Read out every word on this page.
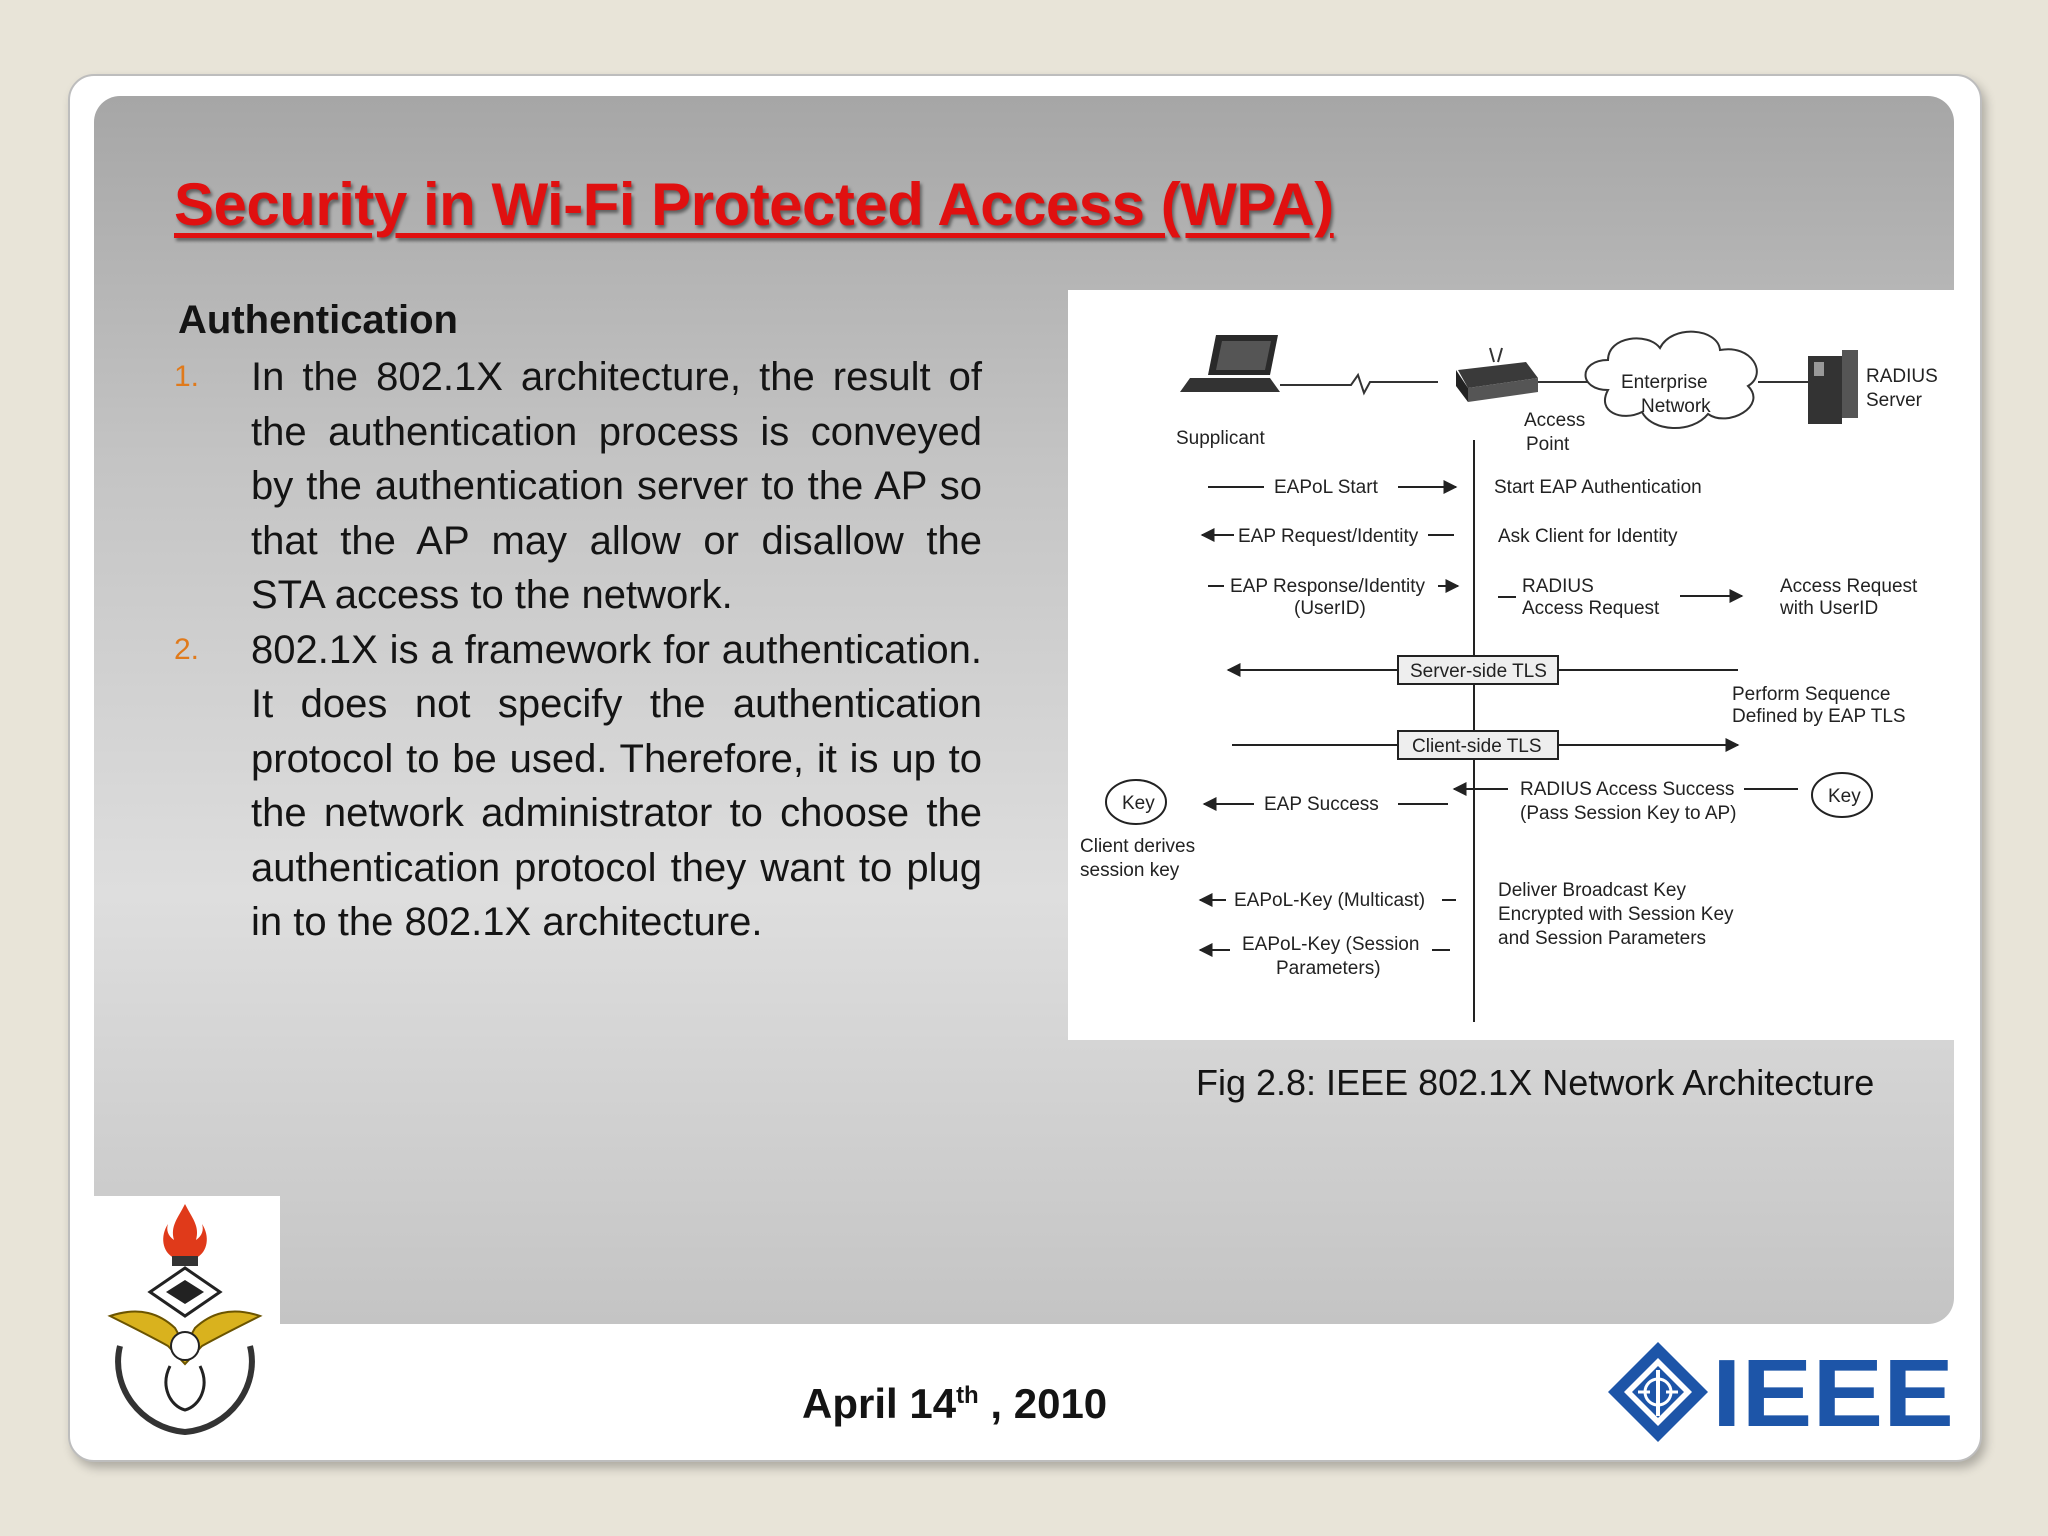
Security in Wi-Fi Protected Access (WPA)
Authentication
1. In the 802.1X architecture, the result of the authentication process is conveyed by the authentication server to the AP so that the AP may allow or disallow the STA access to the network.
2. 802.1X is a framework for authentication. It does not specify the authentication protocol to be used. Therefore, it is up to the network administrator to choose the authentication protocol they want to plug in to the 802.1X architecture.
Supplicant
Access
Point
Enterprise
Network
RADIUS
Server
EAPoL Start	Start EAP Authentication
EAP Request/Identity	Ask Client for Identity
EAP Response/Identity
(UserID)
RADIUS
Access Request
Access Request
with UserID
Server-side TLS
Perform Sequence
Defined by EAP TLS
Client-side TLS
Key
Client derives
session key
EAP Success
RADIUS Access Success
(Pass Session Key to AP)
Key
EAPoL-Key (Multicast)
EAPoL-Key (Session
Parameters)
Deliver Broadcast Key
Encrypted with Session Key
and Session Parameters
Fig 2.8: IEEE 802.1X Network Architecture
April 14th , 2010	IEEE
